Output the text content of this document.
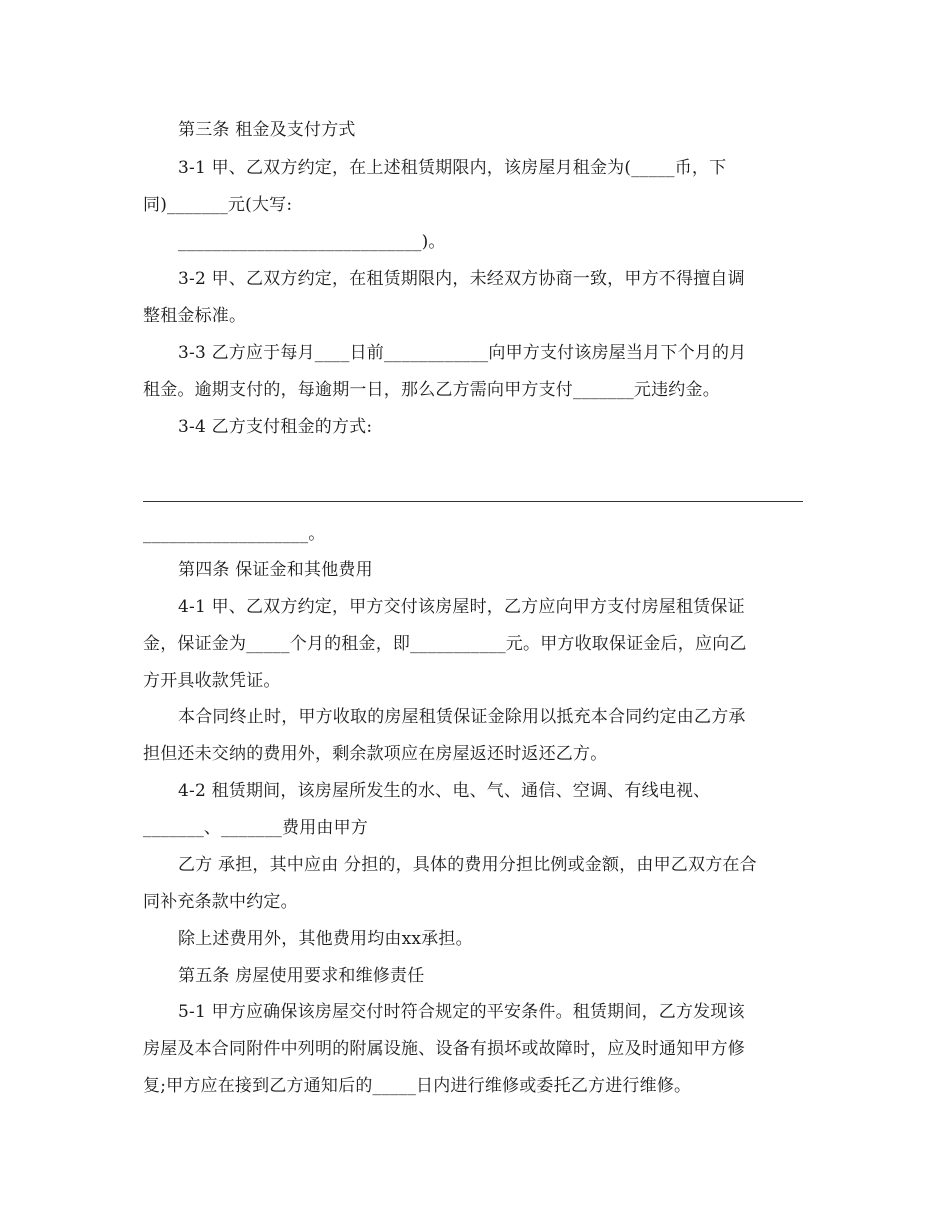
第三条 租金及支付方式
3-1 甲、乙双方约定，在上述租赁期限内，该房屋月租金为(_____币，下
同)_______元(大写:
____________________________)。
3-2 甲、乙双方约定，在租赁期限内，未经双方协商一致，甲方不得擅自调
整租金标准。
3-3 乙方应于每月____日前____________向甲方支付该房屋当月下个月的月
租金。逾期支付的，每逾期一日，那么乙方需向甲方支付_______元违约金。
3-4 乙方支付租金的方式:
___________________。
第四条 保证金和其他费用
4-1 甲、乙双方约定，甲方交付该房屋时，乙方应向甲方支付房屋租赁保证
金，保证金为_____个月的租金，即___________元。甲方收取保证金后，应向乙
方开具收款凭证。
本合同终止时，甲方收取的房屋租赁保证金除用以抵充本合同约定由乙方承
担但还未交纳的费用外，剩余款项应在房屋返还时返还乙方。
4-2 租赁期间，该房屋所发生的水、电、气、通信、空调、有线电视、
_______、_______费用由甲方
乙方 承担，其中应由 分担的，具体的费用分担比例或金额，由甲乙双方在合
同补充条款中约定。
除上述费用外，其他费用均由xx承担。
第五条 房屋使用要求和维修责任
5-1 甲方应确保该房屋交付时符合规定的平安条件。租赁期间，乙方发现该
房屋及本合同附件中列明的附属设施、设备有损坏或故障时，应及时通知甲方修
复;甲方应在接到乙方通知后的_____日内进行维修或委托乙方进行维修。
